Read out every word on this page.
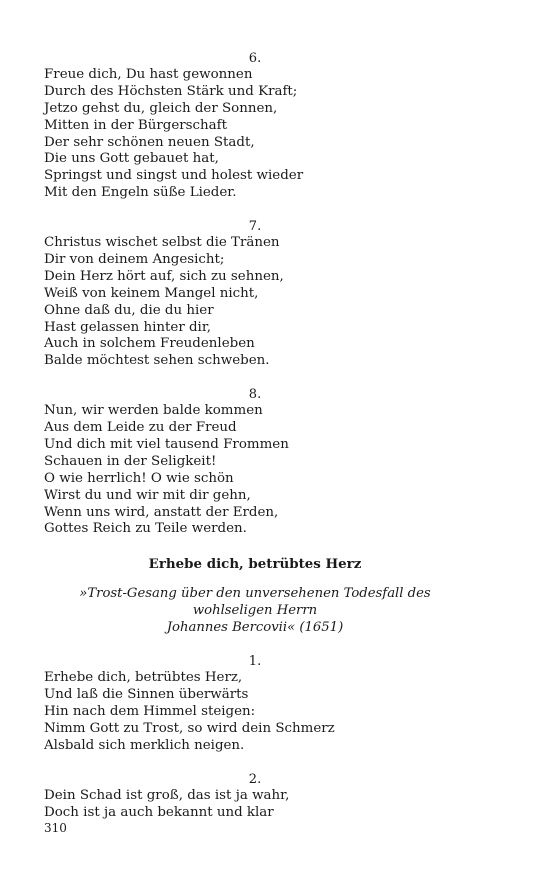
6.
Freue dich, Du hast gewonnen
Durch des Höchsten Stärk und Kraft;
Jetzo gehst du, gleich der Sonnen,
Mitten in der Bürgerschaft
Der sehr schönen neuen Stadt,
Die uns Gott gebauet hat,
Springst und singst und holest wieder
Mit den Engeln süße Lieder.
7.
Christus wischet selbst die Tränen
Dir von deinem Angesicht;
Dein Herz hört auf, sich zu sehnen,
Weiß von keinem Mangel nicht,
Ohne daß du, die du hier
Hast gelassen hinter dir,
Auch in solchem Freudenleben
Balde möchtest sehen schweben.
8.
Nun, wir werden balde kommen
Aus dem Leide zu der Freud
Und dich mit viel tausend Frommen
Schauen in der Seligkeit!
O wie herrlich! O wie schön
Wirst du und wir mit dir gehn,
Wenn uns wird, anstatt der Erden,
Gottes Reich zu Teile werden.
Erhebe dich, betrübtes Herz
»Trost-Gesang über den unversehenen Todesfall des wohlseligen Herrn
Johannes Bercovii« (1651)
1.
Erhebe dich, betrübtes Herz,
Und laß die Sinnen überwärts
Hin nach dem Himmel steigen:
Nimm Gott zu Trost, so wird dein Schmerz
Alsbald sich merklich neigen.
2.
Dein Schad ist groß, das ist ja wahr,
Doch ist ja auch bekannt und klar
310
